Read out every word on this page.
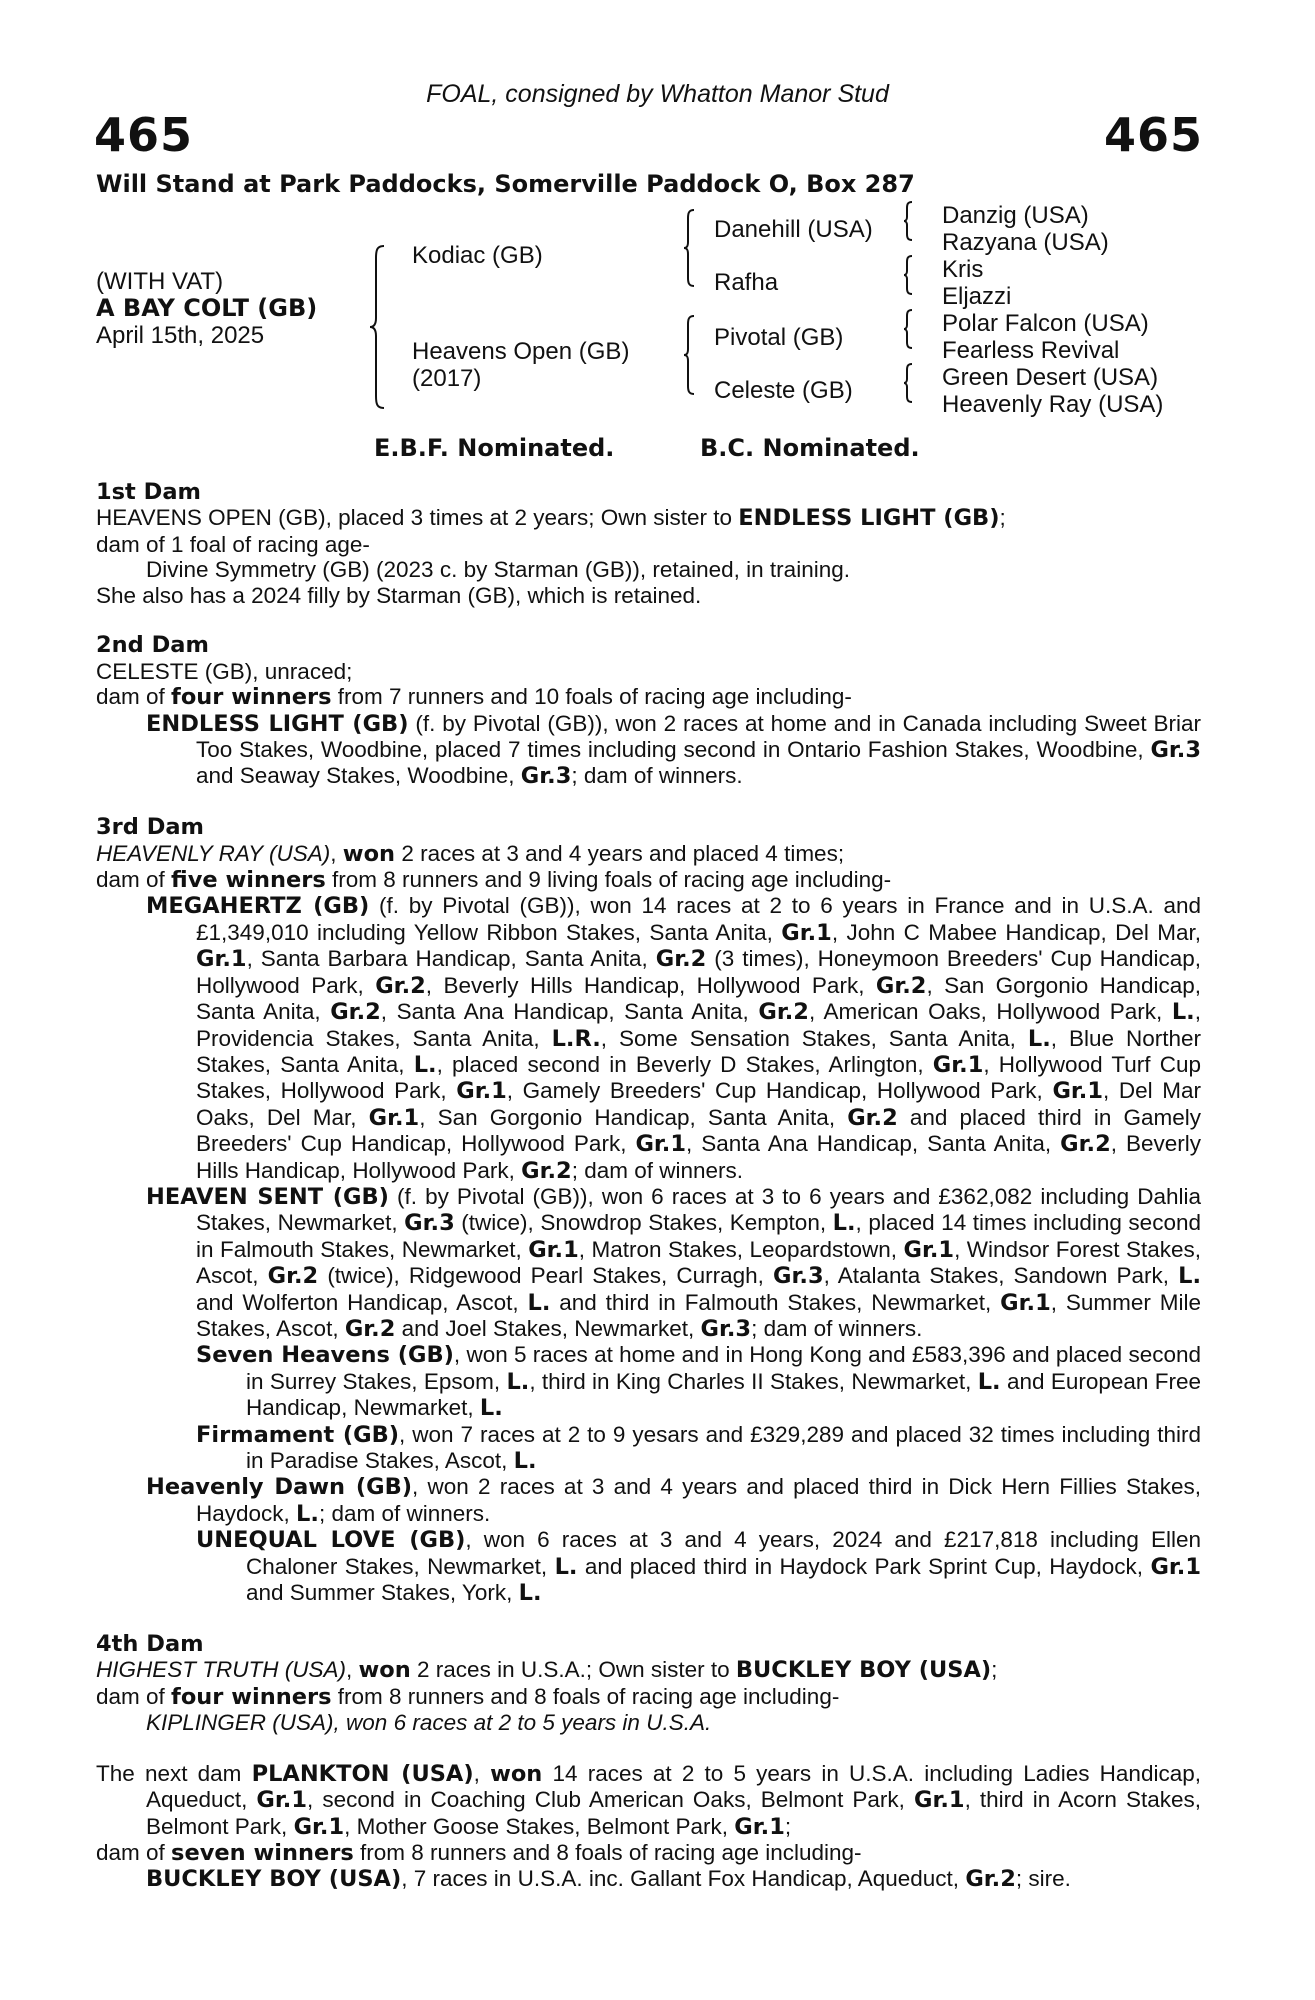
FOAL, consigned by Whatton Manor Stud
465	465
Will Stand at Park Paddocks, Somerville Paddock O, Box 287
(WITH VAT)
A BAY COLT (GB)
April 15th, 2025
Kodiac (GB)
Heavens Open (GB)
(2017)
Danehill (USA)
Rafha
Pivotal (GB)
Celeste (GB)
Danzig (USA)
Razyana (USA)
Kris
Eljazzi
Polar Falcon (USA)
Fearless Revival
Green Desert (USA)
Heavenly Ray (USA)
E.B.F. Nominated.	B.C. Nominated.

1st Dam

HEAVENS OPEN (GB), placed 3 times at 2 years; Own sister to ENDLESS LIGHT (GB);

dam of 1 foal of racing age-

Divine Symmetry (GB) (2023 c. by Starman (GB)), retained, in training.

She also has a 2024 filly by Starman (GB), which is retained.

2nd Dam

CELESTE (GB), unraced;

dam of four winners from 7 runners and 10 foals of racing age including-

ENDLESS LIGHT (GB) (f. by Pivotal (GB)), won 2 races at home and in Canada including Sweet Briar Too Stakes, Woodbine, placed 7 times including second in Ontario Fashion Stakes, Woodbine, Gr.3 and Seaway Stakes, Woodbine, Gr.3; dam of winners.

3rd Dam

HEAVENLY RAY (USA), won 2 races at 3 and 4 years and placed 4 times;

dam of five winners from 8 runners and 9 living foals of racing age including-

MEGAHERTZ (GB) (f. by Pivotal (GB)), won 14 races at 2 to 6 years in France and in U.S.A. and £1,349,010 including Yellow Ribbon Stakes, Santa Anita, Gr.1, John C Mabee Handicap, Del Mar, Gr.1, Santa Barbara Handicap, Santa Anita, Gr.2 (3 times), Honeymoon Breeders' Cup Handicap, Hollywood Park, Gr.2, Beverly Hills Handicap, Hollywood Park, Gr.2, San Gorgonio Handicap, Santa Anita, Gr.2, Santa Ana Handicap, Santa Anita, Gr.2, American Oaks, Hollywood Park, L., Providencia Stakes, Santa Anita, L.R., Some Sensation Stakes, Santa Anita, L., Blue Norther Stakes, Santa Anita, L., placed second in Beverly D Stakes, Arlington, Gr.1, Hollywood Turf Cup Stakes, Hollywood Park, Gr.1, Gamely Breeders' Cup Handicap, Hollywood Park, Gr.1, Del Mar Oaks, Del Mar, Gr.1, San Gorgonio Handicap, Santa Anita, Gr.2 and placed third in Gamely Breeders' Cup Handicap, Hollywood Park, Gr.1, Santa Ana Handicap, Santa Anita, Gr.2, Beverly Hills Handicap, Hollywood Park, Gr.2; dam of winners.

HEAVEN SENT (GB) (f. by Pivotal (GB)), won 6 races at 3 to 6 years and £362,082 including Dahlia Stakes, Newmarket, Gr.3 (twice), Snowdrop Stakes, Kempton, L., placed 14 times including second in Falmouth Stakes, Newmarket, Gr.1, Matron Stakes, Leopardstown, Gr.1, Windsor Forest Stakes, Ascot, Gr.2 (twice), Ridgewood Pearl Stakes, Curragh, Gr.3, Atalanta Stakes, Sandown Park, L. and Wolferton Handicap, Ascot, L. and third in Falmouth Stakes, Newmarket, Gr.1, Summer Mile Stakes, Ascot, Gr.2 and Joel Stakes, Newmarket, Gr.3; dam of winners.

Seven Heavens (GB), won 5 races at home and in Hong Kong and £583,396 and placed second in Surrey Stakes, Epsom, L., third in King Charles II Stakes, Newmarket, L. and European Free Handicap, Newmarket, L.

Firmament (GB), won 7 races at 2 to 9 yesars and £329,289 and placed 32 times including third in Paradise Stakes, Ascot, L.

Heavenly Dawn (GB), won 2 races at 3 and 4 years and placed third in Dick Hern Fillies Stakes, Haydock, L.; dam of winners.

UNEQUAL LOVE (GB), won 6 races at 3 and 4 years, 2024 and £217,818 including Ellen Chaloner Stakes, Newmarket, L. and placed third in Haydock Park Sprint Cup, Haydock, Gr.1 and Summer Stakes, York, L.

4th Dam

HIGHEST TRUTH (USA), won 2 races in U.S.A.; Own sister to BUCKLEY BOY (USA);

dam of four winners from 8 runners and 8 foals of racing age including-

KIPLINGER (USA), won 6 races at 2 to 5 years in U.S.A.

The next dam PLANKTON (USA), won 14 races at 2 to 5 years in U.S.A. including Ladies Handicap, Aqueduct, Gr.1, second in Coaching Club American Oaks, Belmont Park, Gr.1, third in Acorn Stakes, Belmont Park, Gr.1, Mother Goose Stakes, Belmont Park, Gr.1;

dam of seven winners from 8 runners and 8 foals of racing age including-

BUCKLEY BOY (USA), 7 races in U.S.A. inc. Gallant Fox Handicap, Aqueduct, Gr.2; sire.
